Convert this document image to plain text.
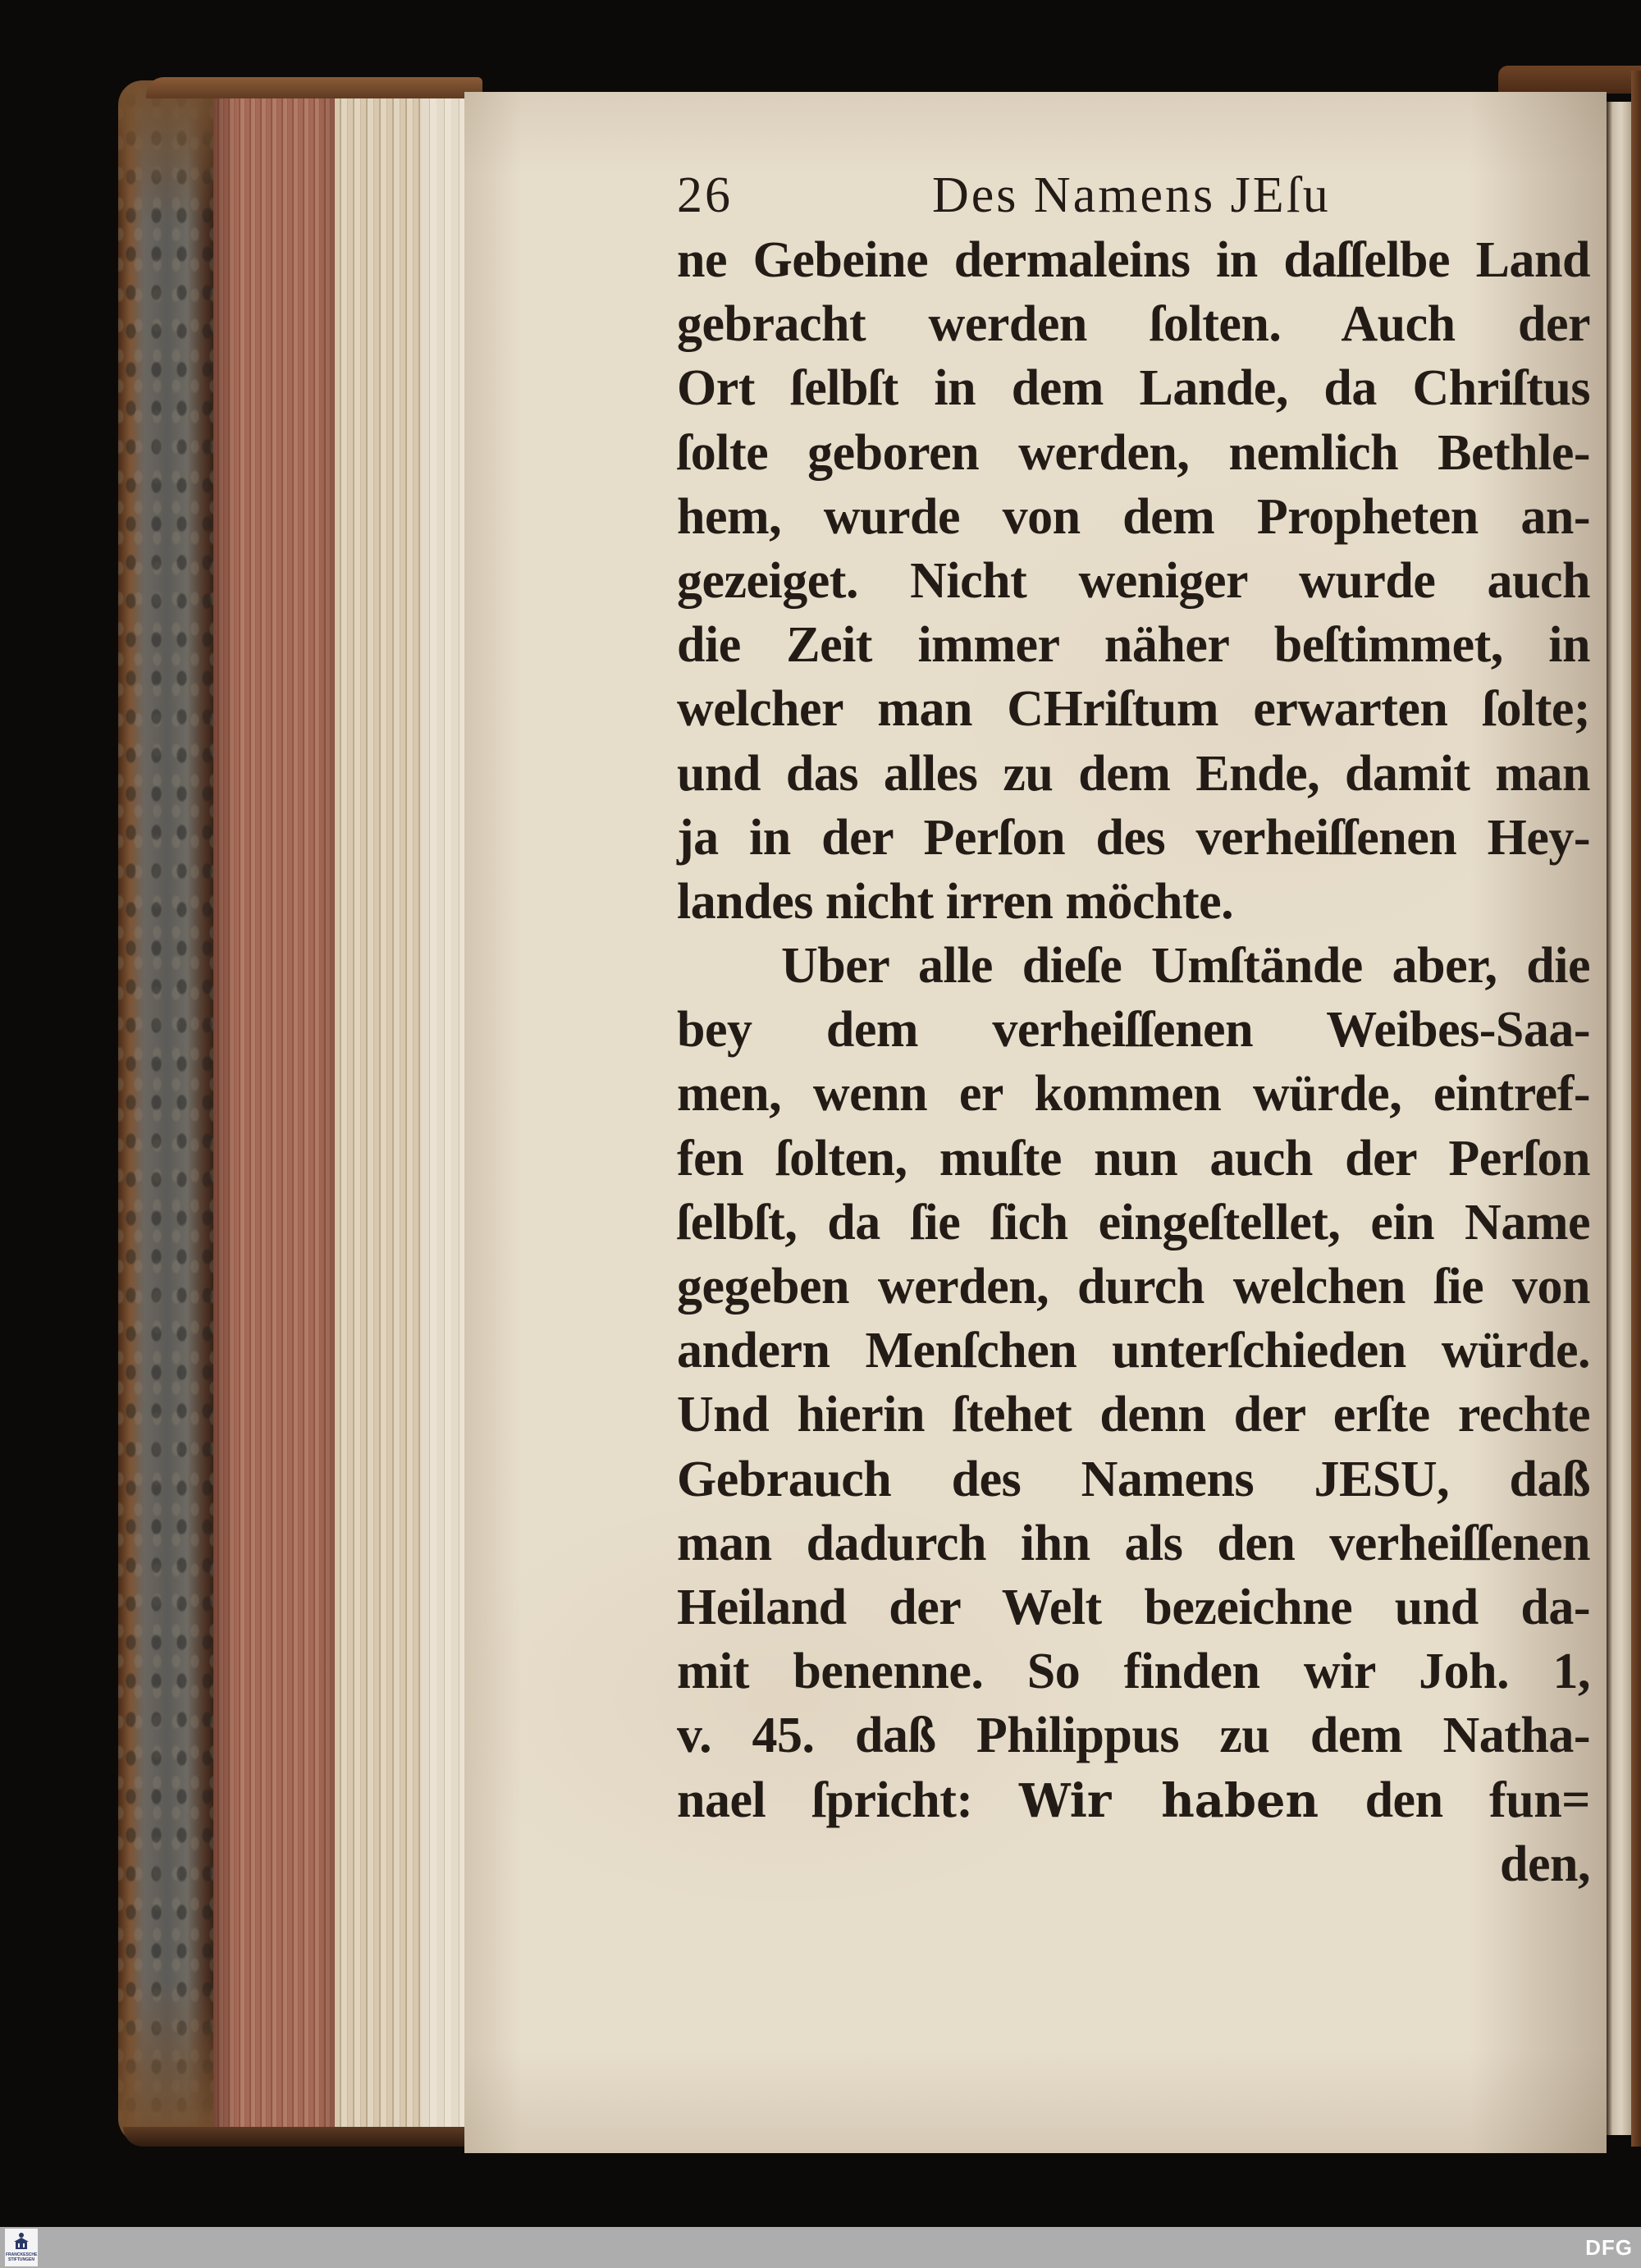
26	Des Namens JEſu
ne Gebeine dermaleins in daſſelbe Land
gebracht werden ſolten. Auch der
Ort ſelbſt in dem Lande, da Chriſtus
ſolte geboren werden, nemlich Bethle-
hem, wurde von dem Propheten an-
gezeiget. Nicht weniger wurde auch
die Zeit immer näher beſtimmet, in
welcher man CHriſtum erwarten ſolte;
und das alles zu dem Ende, damit man
ja in der Perſon des verheiſſenen Hey-
landes nicht irren möchte.
Uber alle dieſe Umſtände aber, die
bey dem verheiſſenen Weibes-Saa-
men, wenn er kommen würde, eintref-
fen ſolten, muſte nun auch der Perſon
ſelbſt, da ſie ſich eingeſtellet, ein Name
gegeben werden, durch welchen ſie von
andern Menſchen unterſchieden würde.
Und hierin ſtehet denn der erſte rechte
Gebrauch des Namens JESU, daß
man dadurch ihn als den verheiſſenen
Heiland der Welt bezeichne und da-
mit benenne. So finden wir Joh. 1,
v. 45. daß Philippus zu dem Natha-
nael ſpricht: Wir haben den fun=
den,
FRANCKESCHE STIFTUNGEN	DFG
